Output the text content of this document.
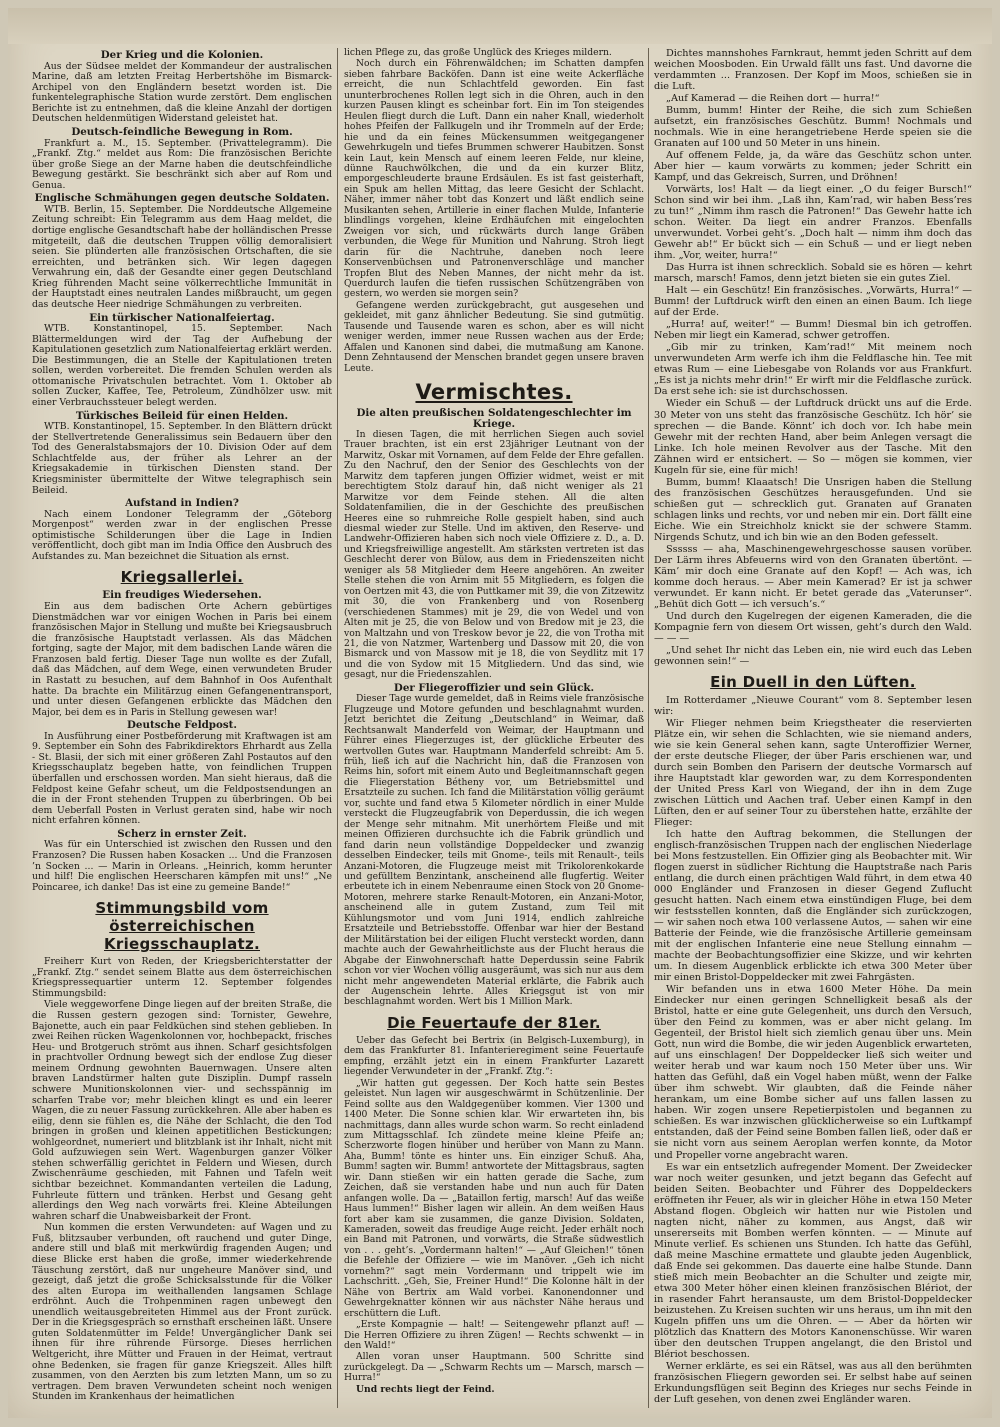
Der Krieg und die Kolonien.

Aus der Südsee meldet der Kommandeur der australischen Marine, daß am letzten Freitag Herbertshöhe im Bismarck-Archipel von den Engländern besetzt worden ist. Die funkentelegraphische Station wurde zerstört. Dem englischen Berichte ist zu entnehmen, daß die kleine Anzahl der dortigen Deutschen heldenmütigen Widerstand geleistet hat.

Deutsch-feindliche Bewegung in Rom.

Frankfurt a. M., 15. September. (Privattelegramm). Die „Frankf. Ztg.“ meldet aus Rom: Die französischen Berichte über große Siege an der Marne haben die deutschfeindliche Bewegung gestärkt. Sie beschränkt sich aber auf Rom und Genua.

Englische Schmähungen gegen deutsche Soldaten.

WTB. Berlin, 15. September. Die Norddeutsche Allgemeine Zeitung schreibt: Ein Telegramm aus dem Haag meldet, die dortige englische Gesandtschaft habe der holländischen Presse mitgeteilt, daß die deutschen Truppen völlig demoralisiert seien. Sie plünderten alle französischen Ortschaften, die sie erreichten, und betränken sich. Wir legen dagegen Verwahrung ein, daß der Gesandte einer gegen Deutschland Krieg führenden Macht seine völkerrechtliche Immunität in der Hauptstadt eines neutralen Landes mißbraucht, um gegen das deutsche Heer niedrige Schmähungen zu verbreiten.

Ein türkischer Nationalfeiertag.

WTB. Konstantinopel, 15. September. Nach Blättermeldungen wird der Tag der Aufhebung der Kapitulationen gesetzlich zum Nationalfeiertag erklärt werden. Die Bestimmungen, die an Stelle der Kapitulationen treten sollen, werden vorbereitet. Die fremden Schulen werden als ottomanische Privatschulen betrachtet. Vom 1. Oktober ab sollen Zucker, Kaffee, Tee, Petroleum, Zündhölzer usw. mit einer Verbrauchssteuer belegt werden.

Türkisches Beileid für einen Helden.

WTB. Konstantinopel, 15. September. In den Blättern drückt der Stellvertretende Generalissimus sein Bedauern über den Tod des Generalstabsmajors der 10. Division Oder auf dem Schlachtfelde aus, der früher als Lehrer an der Kriegsakademie in türkischen Diensten stand. Der Kriegsminister übermittelte der Witwe telegraphisch sein Beileid.

Aufstand in Indien?

Nach einem Londoner Telegramm der „Göteborg Morgenpost“ werden zwar in der englischen Presse optimistische Schilderungen über die Lage in Indien veröffentlicht, doch gibt man im India Office den Ausbruch des Aufstandes zu. Man bezeichnet die Situation als ernst.

Kriegsallerlei.

Ein freudiges Wiedersehen.

Ein aus dem badischen Orte Achern gebürtiges Dienstmädchen war vor einigen Wochen in Paris bei einem französischen Major in Stellung und mußte bei Kriegsausbruch die französische Hauptstadt verlassen. Als das Mädchen fortging, sagte der Major, mit dem badischen Lande wären die Franzosen bald fertig. Dieser Tage nun wollte es der Zufall, daß das Mädchen, auf dem Wege, einen verwundeten Bruder in Rastatt zu besuchen, auf dem Bahnhof in Oos Aufenthalt hatte. Da brachte ein Militärzug einen Gefangenentransport, und unter diesen Gefangenen erblickte das Mädchen den Major, bei dem es in Paris in Stellung gewesen war!

Deutsche Feldpost.

In Ausführung einer Postbeförderung mit Kraftwagen ist am 9. September ein Sohn des Fabrikdirektors Ehrhardt aus Zella - St. Blasii, der sich mit einer größeren Zahl Postautos auf den Kriegsschauplatz begeben hatte, von feindlichen Truppen überfallen und erschossen worden. Man sieht hieraus, daß die Feldpost keine Gefahr scheut, um die Feldpostsendungen an die in der Front stehenden Truppen zu überbringen. Ob bei dem Ueberfall Posten in Verlust geraten sind, habe wir noch nicht erfahren können.

Scherz in ernster Zeit.

Was für ein Unterschied ist zwischen den Russen und den Franzosen? Die Russen haben Kosacken ... Und die Franzosen ’n Socken ... — Marin in Orleans. „Heinrich, komm herunter und hilf! Die englischen Heerscharen kämpfen mit uns!“ „Ne Poincaree, ich danke! Das ist eine zu gemeine Bande!“

Stimmungsbild vom österreichischen Kriegsschauplatz.

Freiherr Kurt von Reden, der Kriegsberichterstatter der „Frankf. Ztg.“ sendet seinem Blatte aus dem österreichischen Kriegspressequartier unterm 12. September folgendes Stimmungsbild:

Viele weggeworfene Dinge liegen auf der breiten Straße, die die Russen gestern gezogen sind: Tornister, Gewehre, Bajonette, auch ein paar Feldküchen sind stehen geblieben. In zwei Reihen rücken Wagenkolonnen vor, hochbepackt, frisches Heu- und Brotgeruch strömt aus ihnen. Scharf gesichtsfolgen in prachtvoller Ordnung bewegt sich der endlose Zug dieser meinem Ordnung gewohnten Bauernwagen. Unsere alten braven Landstürmer halten gute Disziplin. Dumpf rasseln schwere Munitionskolonnen vier- und sechsspännig im scharfen Trabe vor; mehr bleichen klingt es und ein leerer Wagen, die zu neuer Fassung zurückkehren. Alle aber haben es eilig, denn sie fühlen es, die Nähe der Schlacht, die den Tod bringen in großen und kleinen appetitlichen Bestickungen; wohlgeordnet, numeriert und blitzblank ist ihr Inhalt, nicht mit Gold aufzuwiegen sein Wert. Wagenburgen ganzer Völker stehen schwerfällig gerichtet in Feldern und Wiesen, durch Zwischenräume geschieden, mit Fahnen und Tafeln weit sichtbar bezeichnet. Kommandanten verteilen die Ladung, Fuhrleute füttern und tränken. Herbst und Gesang geht allerdings den Weg nach vorwärts frei. Kleine Abteilungen wahren scharf die Unabweisbarkeit der Front.

Nun kommen die ersten Verwundeten: auf Wagen und zu Fuß, blitzsauber verbunden, oft rauchend und guter Dinge, andere still und blaß mit merkwürdig fragenden Augen; und diese Blicke erst haben die große, immer wiederkehrende Täuschung zerstört, daß nur ungeheure Manöver sind, und gezeigt, daß jetzt die große Schicksalsstunde für die Völker des alten Europa im weithallenden langsamen Schlage erdröhnt. Auch die Trohpenminen ragen unbewegt den unendlich weitausgebreiteten Himmel aus der Front zurück. Der in die Kriegsgespräch so ernsthaft erscheinen läßt. Unsere guten Soldatenmütter im Felde! Unvergänglicher Dank sei ihnen für ihre rührende Fürsorge. Dieses herrlichen Weltgericht, ihre Mütter und Frauen in der Heimat, vertraut ohne Bedenken, sie fragen für ganze Kriegszeit. Alles hilft zusammen, von den Aerzten bis zum letzten Mann, um so zu vertragen. Dem braven Verwundeten scheint noch wenigen Stunden im Krankenhaus der heimatlichen

lichen Pflege zu, das große Unglück des Krieges mildern.

Noch durch ein Föhrenwäldchen; im Schatten dampfen sieben fahrbare Backöfen. Dann ist eine weite Ackerfläche erreicht, die nun Schlachtfeld geworden. Ein fast ununterbrochenes Rollen legt sich in die Ohren, auch in den kurzen Pausen klingt es scheinbar fort. Ein im Ton steigendes Heulen fliegt durch die Luft. Dann ein naher Knall, wiederholt hohes Pfeifen der Fallkugeln und ihr Trommeln auf der Erde; hie und da ein feines Mückensummen weitgegangener Gewehrkugeln und tiefes Brummen schwerer Haubitzen. Sonst kein Laut, kein Mensch auf einem leeren Felde, nur kleine, dünne Rauchwölkchen, die und da ein kurzer Blitz, emporgeschleuderte braune Erdsäulen. Es ist fast geisterhaft, ein Spuk am hellen Mittag, das leere Gesicht der Schlacht. Näher, immer näher tobt das Konzert und läßt endlich seine Musikanten sehen, Artillerie in einer flachen Mulde, Infanterie blindlings vorgehen, kleine Erdhäufchen mit eingelochten Zweigen vor sich, und rückwärts durch lange Gräben verbunden, die Wege für Munition und Nahrung. Stroh liegt darin für die Nachtruhe, daneben noch leere Konservenbüchsen und Patronenverschläge und mancher Tropfen Blut des Neben Mannes, der nicht mehr da ist. Querdurch laufen die tiefen russischen Schützengräben von gestern, wo werden sie morgen sein?

Gefangene werden zurückgebracht, gut ausgesehen und gekleidet, mit ganz ähnlicher Bedeutung. Sie sind gutmütig. Tausende und Tausende waren es schon, aber es will nicht weniger werden, immer neue Russen wachen aus der Erde; Affalen und Kanonen sind dabei, die mutmaßung am Kanone. Denn Zehntausend der Menschen brandet gegen unsere braven Leute.

Vermischtes.

Die alten preußischen Soldatengeschlechter im Kriege.

In diesen Tagen, die mit herrlichen Siegen auch soviel Trauer brachten, ist ein erst 23jähriger Leutnant von der Marwitz, Oskar mit Vornamen, auf dem Felde der Ehre gefallen. Zu den Nachruf, den der Senior des Geschlechts von der Marwitz dem tapferen jungen Offizier widmet, weist er mit berechtigtem Stolz darauf hin, daß nicht weniger als 21 Marwitze vor dem Feinde stehen. All die alten Soldatenfamilien, die in der Geschichte des preußischen Heeres eine so ruhmreiche Rolle gespielt haben, sind auch diesmal wieder zur Stelle. Und im aktiven, den Reserve- und Landwehr-Offizieren haben sich noch viele Offiziere z. D., a. D. und Kriegsfreiwillige angestellt. Am stärksten vertreten ist das Geschlecht derer von Bülow, aus dem in Friedenszeiten nicht weniger als 58 Mitglieder dem Heere angehören. An zweiter Stelle stehen die von Arnim mit 55 Mitgliedern, es folgen die von Oertzen mit 43, die von Puttkamer mit 39, die von Zitzewitz mit 30, die von Frankenberg und von Rosenberg (verschiedenen Stammes) mit je 29, die von Wedel und von Alten mit je 25, die von Below und von Bredow mit je 23, die von Maltzahn und von Treskow bevor je 22, die von Trotha mit 21, die von Natzmer, Wartenberg und Dassow mit 20, die von Bismarck und von Massow mit je 18, die von Seydlitz mit 17 und die von Sydow mit 15 Mitgliedern. Und das sind, wie gesagt, nur die Friedenszahlen.

Der Fliegeroffizier und sein Glück.

Dieser Tage wurde gemeldet, daß in Reims viele französische Flugzeuge und Motore gefunden und beschlagnahmt wurden. Jetzt berichtet die Zeitung „Deutschland“ in Weimar, daß Rechtsanwalt Manderfeld von Weimar, der Hauptmann und Führer eines Fliegerzuges ist, der glückliche Erbeuter des wertvollen Gutes war. Hauptmann Manderfeld schreibt: Am 5. früh, ließ ich auf die Nachricht hin, daß die Franzosen von Reims hin, sofort mit einem Auto und Begleitmannschaft gegen die Fliegerstation Bétheny vor, um Betriebsmittel und Ersatzteile zu suchen. Ich fand die Militärstation völlig geräumt vor, suchte und fand etwa 5 Kilometer nördlich in einer Mulde versteckt die Flugzeugfabrik von Deperdussin, die ich wegen der Menge sehr mitnahm. Mit unerhörtem Fleiße und mit meinen Offizieren durchsuchte ich die Fabrik gründlich und fand darin neun vollständige Doppeldecker und zwanzig desselben Eindecker, teils mit Gnome-, teils mit Renault-, teils Anzani-Motoren, die Flugzeuge meist mit Trikolorenkokarde und gefülltem Benzintank, anscheinend alle flugfertig. Weiter erbeutete ich in einem Nebenraume einen Stock von 20 Gnome-Motoren, mehrere starke Renault-Motoren, ein Anzani-Motor, anscheinend alle in gutem Zustand, zum Teil mit Kühlungsmotor und vom Juni 1914, endlich zahlreiche Ersatzteile und Betriebsstoffe. Offenbar war hier der Bestand der Militärstation bei der eiligen Flucht versteckt worden, dann machte auch der Gewahrheitlichste aus der Flucht heraus die Abgabe der Einwohnerschaft hatte Deperdussin seine Fabrik schon vor vier Wochen völlig ausgeräumt, was sich nur aus dem nicht mehr angewendeten Material erklärte, die Fabrik auch der Augenschein lehrte. Alles Kriegsgut ist von mir beschlagnahmt worden. Wert bis 1 Million Mark.

Die Feuertaufe der 81er.

Ueber das Gefecht bei Bertrix (in Belgisch-Luxemburg), in dem das Frankfurter 81. Infanterieregiment seine Feuertaufe empfing, erzählt jetzt ein in einem Frankfurter Lazarett liegender Verwundeter in der „Frankf. Ztg.“:

„Wir hatten gut gegessen. Der Koch hatte sein Bestes geleistet. Nun lagen wir ausgeschwärmt in Schützenlinie. Der Feind sollte aus den Waldgegenüber kommen. Vier 1300 und 1400 Meter. Die Sonne schien klar. Wir erwarteten ihn, bis nachmittags, dann alles wurde schon warm. So recht einladend zum Mittagsschlaf. Ich zündete meine kleine Pfeife an; Scherzworte flogen hinüber und herüber von Mann zu Mann. Aha, Bumm! tönte es hinter uns. Ein einziger Schuß. Aha, Bumm! sagten wir. Bumm! antwortete der Mittagsbraus, sagten wir. Dann stießen wir ein hatten gerade die Sache, zum Zeichen, daß sie verstanden habe und nun auch für Daten anfangen wolle. Da — „Bataillon fertig, marsch! Auf das weiße Haus lummen!“ Bisher lagen wir allein. An dem weißen Haus fort aber kam sie zusammen, die ganze Division. Soldaten, Kameraden, soweit das freudige Auge reicht. Jeder erhält noch ein Band mit Patronen, und vorwärts, die Straße südwestlich von . . . geht’s. „Vordermann halten!“ — „Auf Gleichen!“ tönen die Befehle der Offiziere — wie im Manöver. „Geh ich nicht vornehm?“ sagt mein Vordermann und trippelt wie im Lachschritt. „Geh, Sie, Freiner Hund!“ Die Kolonne hält in der Nähe von Bertrix am Wald vorbei. Kanonendonner und Gewehrgeknatter können wir aus nächster Nähe heraus und erschüttern die Luft.

„Erste Kompagnie — halt! — Seitengewehr pflanzt auf! — Die Herren Offiziere zu ihren Zügen! — Rechts schwenkt — in den Wald!“

Allen voran unser Hauptmann. 500 Schritte sind zurückgelegt. Da — „Schwarm Rechts um — Marsch, marsch — Hurra!“

Und rechts liegt der Feind.

Dichtes mannshohes Farnkraut, hemmt jeden Schritt auf dem weichen Moosboden. Ein Urwald fällt uns fast. Und davorne die verdammten ... Franzosen. Der Kopf im Moos, schießen sie in die Luft.

„Auf Kamerad — die Reihen dort — hurra!“

Bumm, bumm! Hinter der Reihe, die sich zum Schießen aufsetzt, ein französisches Geschütz. Bumm! Nochmals und nochmals. Wie in eine herangetriebene Herde speien sie die Granaten auf 100 und 50 Meter in uns hinein.

Auf offenem Felde, ja, da wäre das Geschütz schon unter. Aber hier — kaum vorwärts zu kommen; jeder Schritt ein Kampf, und das Gekreisch, Surren, und Dröhnen!

Vorwärts, los! Halt — da liegt einer. „O du feiger Bursch!“ Schon sind wir bei ihm. „Laß ihn, Kam’rad, wir haben Bess’res zu tun!“ „Nimm ihm rasch die Patronen!“ Das Gewehr hatte ich schon. Weiter. Da liegt ein andrer Franzos. Ebenfalls unverwundet. Vorbei geht’s. „Doch halt — nimm ihm doch das Gewehr ab!“ Er bückt sich — ein Schuß — und er liegt neben ihm. „Vor, weiter, hurra!“

Das Hurra ist ihnen schrecklich. Sobald sie es hören — kehrt marsch, marsch! Famos, denn jetzt bieten sie ein gutes Ziel.

Halt — ein Geschütz! Ein französisches. „Vorwärts, Hurra!“ — Bumm! der Luftdruck wirft den einen an einen Baum. Ich liege auf der Erde.

„Hurra! auf, weiter!“ — Bumm! Diesmal bin ich getroffen. Neben mir liegt ein Kamerad, schwer getroffen.

„Gib mir zu trinken, Kam’rad!“ Mit meinem noch unverwundeten Arm werfe ich ihm die Feldflasche hin. Tee mit etwas Rum — eine Liebesgabe von Rolands vor aus Frankfurt. „Es ist ja nichts mehr drin!“ Er wirft mir die Feldflasche zurück. Da erst sehe ich: sie ist durchschossen.

Wieder ein Schuß — der Luftdruck drückt uns auf die Erde. 30 Meter von uns steht das französische Geschütz. Ich hör’ sie sprechen — die Bande. Könnt’ ich doch vor. Ich habe mein Gewehr mit der rechten Hand, aber beim Anlegen versagt die Linke. Ich hole meinen Revolver aus der Tasche. Mit den Zähnen wird er entsichert. — So — mögen sie kommen, vier Kugeln für sie, eine für mich!

Bumm, bumm! Klaaatsch! Die Unsrigen haben die Stellung des französischen Geschützes herausgefunden. Und sie schießen gut — schrecklich gut. Granaten auf Granaten schlagen links und rechts, vor und neben mir ein. Dort fällt eine Eiche. Wie ein Streichholz knickt sie der schwere Stamm. Nirgends Schutz, und ich bin wie an den Boden gefesselt.

Ssssss — aha, Maschinengewehrgeschosse sausen vorüber. Der Lärm ihres Abfeuerns wird von den Granaten übertönt. — Käm’ mir doch eine Granate auf den Kopf! — Ach was, ich komme doch heraus. — Aber mein Kamerad? Er ist ja schwer verwundet. Er kann nicht. Er betet gerade das „Vaterunser“. „Behüt dich Gott — ich versuch’s.“

Und durch den Kugelregen der eigenen Kameraden, die die Kompagnie fern von diesem Ort wissen, geht’s durch den Wald. — — —

„Und sehet Ihr nicht das Leben ein, nie wird euch das Leben gewonnen sein!“ —

Ein Duell in den Lüften.

Im Rotterdamer „Nieuwe Courant“ vom 8. September lesen wir:

Wir Flieger nehmen beim Kriegstheater die reservierten Plätze ein, wir sehen die Schlachten, wie sie niemand anders, wie sie kein General sehen kann, sagte Unteroffizier Werner, der erste deutsche Flieger, der über Paris erschienen war, und durch sein Bomben den Parisern der deutsche Vormarsch auf ihre Hauptstadt klar geworden war, zu dem Korrespondenten der United Press Karl von Wiegand, der ihn in dem Zuge zwischen Lüttich und Aachen traf. Ueber einen Kampf in den Lüften, den er auf seiner Tour zu überstehen hatte, erzählte der Flieger:

Ich hatte den Auftrag bekommen, die Stellungen der englisch-französischen Truppen nach der englischen Niederlage bei Mons festzustellen. Ein Offizier ging als Beobachter mit. Wir flogen zuerst in südlicher Richtung die Hauptstraße nach Paris entlang, die durch einen prächtigen Wald führt, in dem etwa 40 000 Engländer und Franzosen in dieser Gegend Zuflucht gesucht hatten. Nach einem etwa einstündigen Fluge, bei dem wir festsstellen konnten, daß die Engländer sich zurückzogen, — wir sahen noch etwa 100 verlassene Autos, — sahen wir eine Batterie der Feinde, wie die französische Artillerie gemeinsam mit der englischen Infanterie eine neue Stellung einnahm — machte der Beobachtungsoffizier eine Skizze, und wir kehrten um. In diesem Augenblick erblickte ich etwa 300 Meter über mir einen Bristol-Doppeldecker mit zwei Fahrgästen.

Wir befanden uns in etwa 1600 Meter Höhe. Da mein Eindecker nur einen geringen Schnelligkeit besaß als der Bristol, hatte er eine gute Gelegenheit, uns durch den Versuch, über den Feind zu kommen, was er aber nicht gelang. Im Gegenteil, der Bristol hielt sich ziemlich genau über uns. Mein Gott, nun wird die Bombe, die wir jeden Augenblick erwarteten, auf uns einschlagen! Der Doppeldecker ließ sich weiter und weiter herab und war kaum noch 150 Meter über uns. Wir hatten das Gefühl, daß ein Vogel haben müßt, wenn der Falke über ihm schwebt. Wir glaubten, daß die Feinde näher herankam, um eine Bombe sicher auf uns fallen lassen zu haben. Wir zogen unsere Repetierpistolen und begannen zu schießen. Es war inzwischen glücklicherweise so ein Luftkampf entstanden, daß der Feind seine Bomben fallen ließ, oder daß er sie nicht vorn aus seinem Aeroplan werfen konnte, da Motor und Propeller vorne angebracht waren.

Es war ein entsetzlich aufregender Moment. Der Zweidecker war noch weiter gesunken, und jetzt begann das Gefecht auf beiden Seiten. Beobachter und Führer des Doppeldeckers eröffneten ihr Feuer, als wir in gleicher Höhe in etwa 150 Meter Abstand flogen. Obgleich wir hatten nur wie Pistolen und nagten nicht, näher zu kommen, aus Angst, daß wir unsererseits mit Bomben werfen könnten. — — Minute auf Minute verlief. Es schienen uns Stunden. Ich hatte das Gefühl, daß meine Maschine ermattete und glaubte jeden Augenblick, daß Ende sei gekommen. Das dauerte eine halbe Stunde. Dann stieß mich mein Beobachter an die Schulter und zeigte mir, etwa 300 Meter höher einen kleinen französischen Blériot, der in rasender Fahrt heransauste, um dem Bristol-Doppeldecker beizustehen. Zu Kreisen suchten wir uns heraus, um ihn mit den Kugeln pfiffen uns um die Ohren. — — Aber da hörten wir plötzlich das Knattern des Motors Kanonenschüsse. Wir waren über den deutschen Truppen angelangt, die den Bristol und Blériot beschossen.

Werner erklärte, es sei ein Rätsel, was aus all den berühmten französischen Fliegern geworden sei. Er selbst habe auf seinen Erkundungsflügen seit Beginn des Krieges nur sechs Feinde in der Luft gesehen, von denen zwei Engländer waren.
